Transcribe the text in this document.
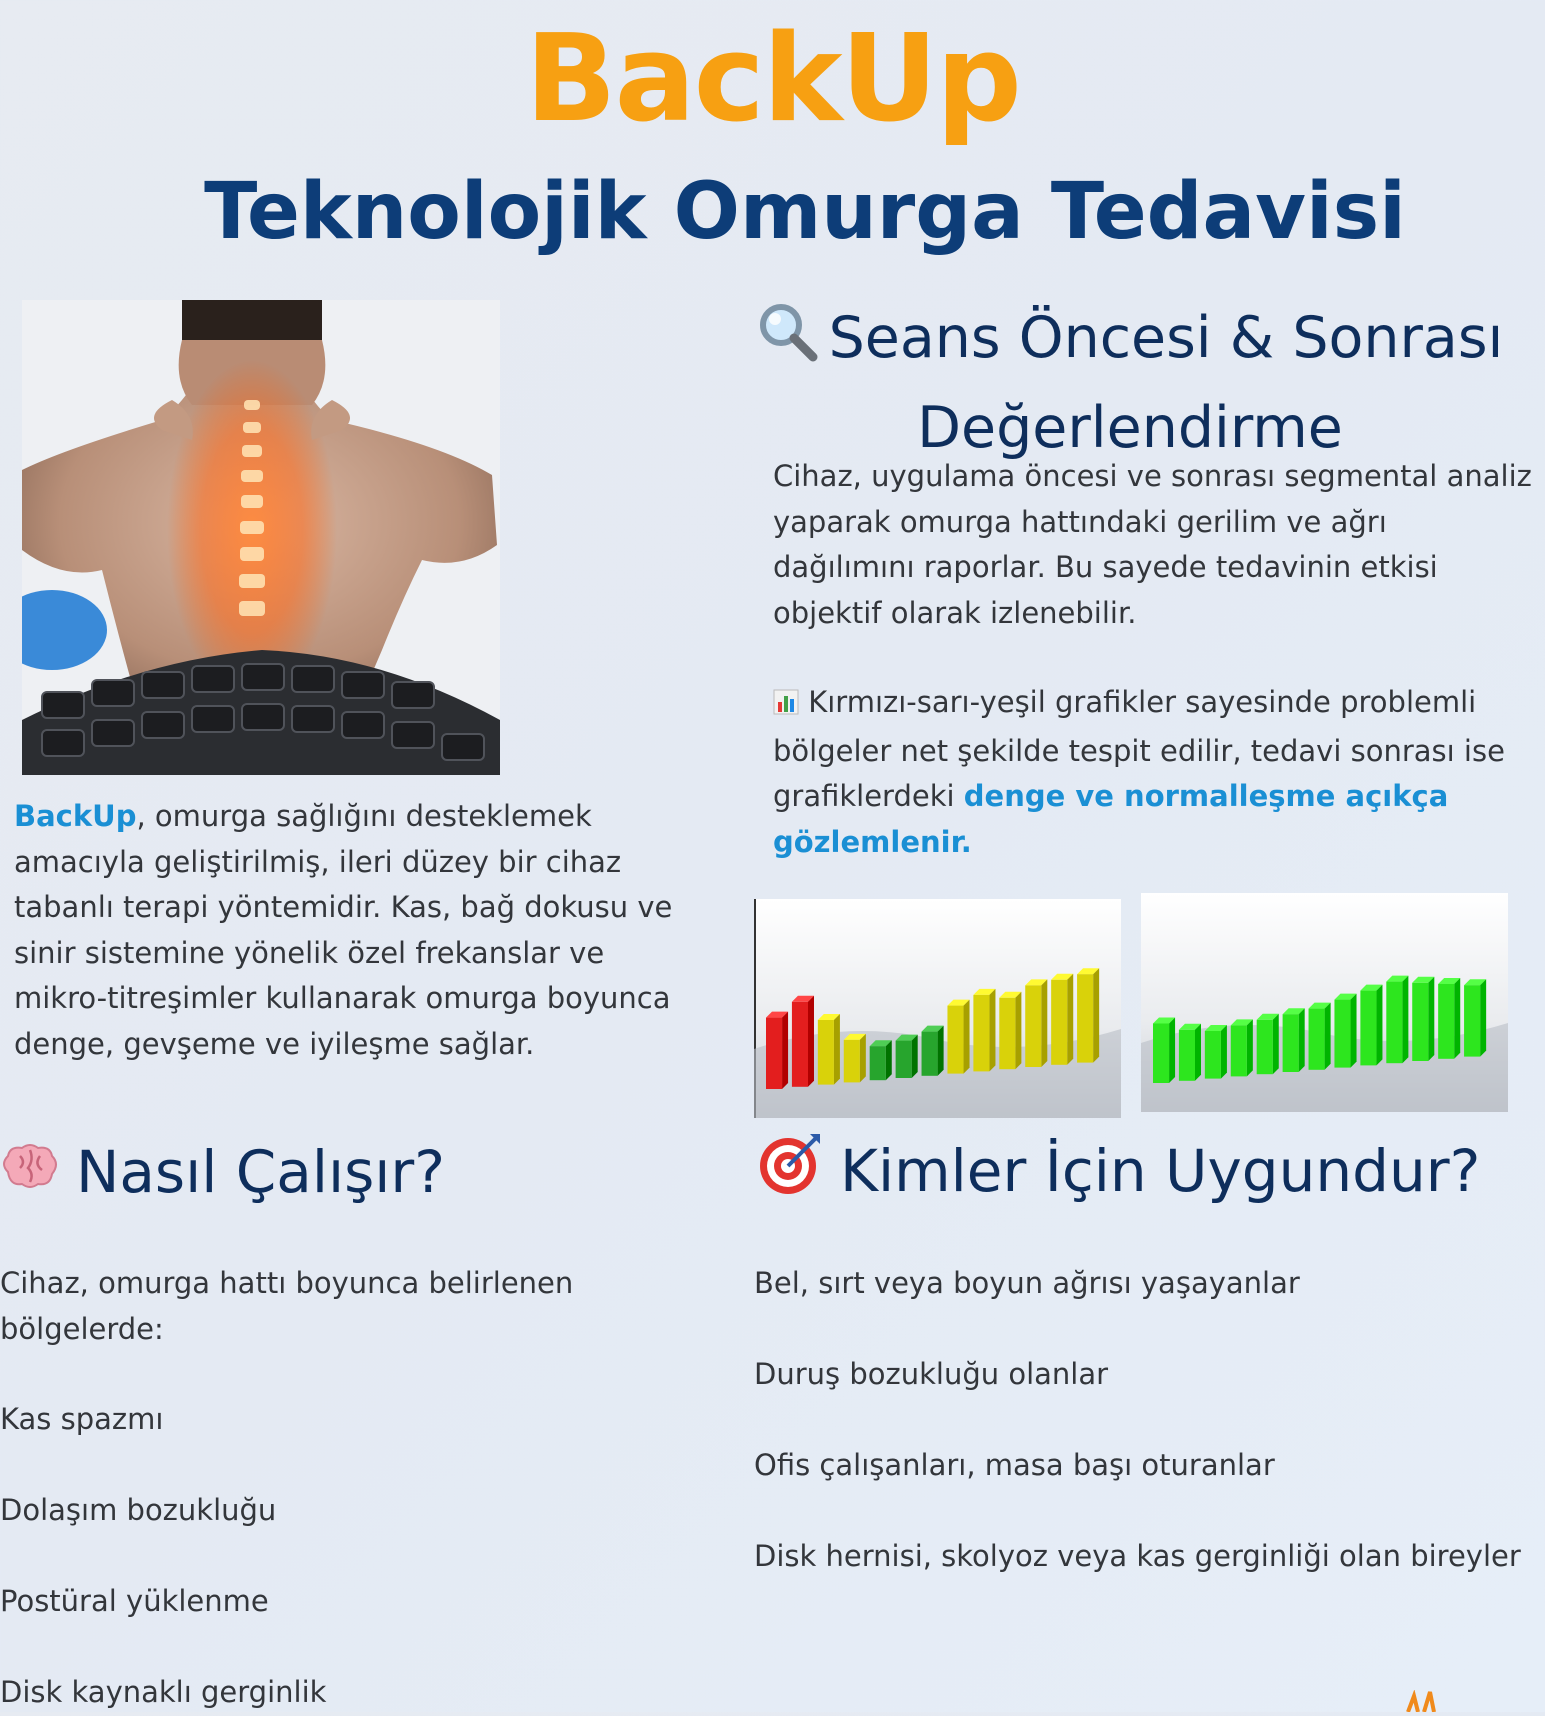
BackUp
Teknolojik Omurga Tedavisi
BackUp, omurga sağlığını desteklemek amacıyla geliştirilmiş, ileri düzey bir cihaz tabanlı terapi yöntemidir. Kas, bağ dokusu ve sinir sistemine yönelik özel frekanslar ve mikro-titreşimler kullanarak omurga boyunca denge, gevşeme ve iyileşme sağlar.
Seans Öncesi & Sonrası
Değerlendirme
Cihaz, uygulama öncesi ve sonrası segmental analiz yaparak omurga hattındaki gerilim ve ağrı dağılımını raporlar. Bu sayede tedavinin etkisi objektif olarak izlenebilir.
Kırmızı-sarı-yeşil grafikler sayesinde problemli bölgeler net şekilde tespit edilir, tedavi sonrası ise grafiklerdeki denge ve normalleşme açıkça gözlemlenir.
Nasıl Çalışır?
Cihaz, omurga hattı boyunca belirlenen bölgelerde:
Kas spazmı
Dolaşım bozukluğu
Postüral yüklenme
Disk kaynaklı gerginlik
Kimler İçin Uygundur?
Bel, sırt veya boyun ağrısı yaşayanlar
Duruş bozukluğu olanlar
Ofis çalışanları, masa başı oturanlar
Disk hernisi, skolyoz veya kas gerginliği olan bireyler
